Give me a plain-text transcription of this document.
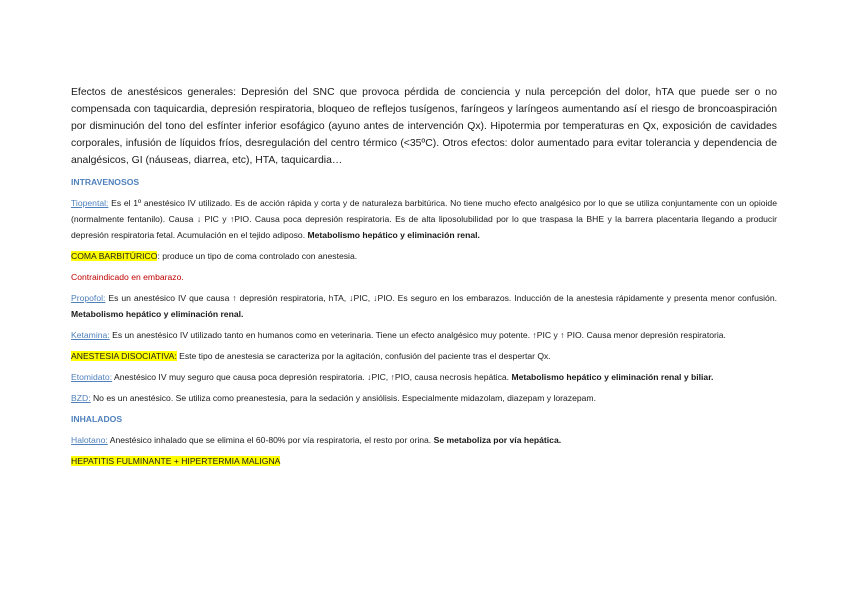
Efectos de anestésicos generales: Depresión del SNC que provoca pérdida de conciencia y nula percepción del dolor, hTA que puede ser o no compensada con taquicardia, depresión respiratoria, bloqueo de reflejos tusígenos, faríngeos y laríngeos aumentando así el riesgo de broncoaspiración por disminución del tono del esfínter inferior esofágico (ayuno antes de intervención Qx). Hipotermia por temperaturas en Qx, exposición de cavidades corporales, infusión de líquidos fríos, desregulación del centro térmico (<35ºC). Otros efectos: dolor aumentado para evitar tolerancia y dependencia de analgésicos, GI (náuseas, diarrea, etc), HTA, taquicardia…

INTRAVENOSOS

Tiopental: Es el 1º anestésico IV utilizado. Es de acción rápida y corta y de naturaleza barbitúrica. No tiene mucho efecto analgésico por lo que se utiliza conjuntamente con un opioide (normalmente fentanilo). Causa ↓ PIC y ↑PIO. Causa poca depresión respiratoria. Es de alta liposolubilidad por lo que traspasa la BHE y la barrera placentaria llegando a producir depresión respiratoria fetal. Acumulación en el tejido adiposo. Metabolismo hepático y eliminación renal.

COMA BARBITÚRICO: produce un tipo de coma controlado con anestesia.

Contraindicado en embarazo.

Propofol: Es un anestésico IV que causa ↑ depresión respiratoria, hTA, ↓PIC, ↓PIO. Es seguro en los embarazos. Inducción de la anestesia rápidamente y presenta menor confusión. Metabolismo hepático y eliminación renal.

Ketamina: Es un anestésico IV utilizado tanto en humanos como en veterinaria. Tiene un efecto analgésico muy potente. ↑PIC y ↑ PIO. Causa menor depresión respiratoria.

ANESTESIA DISOCIATIVA: Este tipo de anestesia se caracteriza por la agitación, confusión del paciente tras el despertar Qx.

Etomidato: Anestésico IV muy seguro que causa poca depresión respiratoria. ↓PIC, ↑PIO, causa necrosis hepática. Metabolismo hepático y eliminación renal y biliar.

BZD: No es un anestésico. Se utiliza como preanestesia, para la sedación y ansiólisis. Especialmente midazolam, diazepam y lorazepam.

INHALADOS

Halotano: Anestésico inhalado que se elimina el 60-80% por vía respiratoria, el resto por orina. Se metaboliza por vía hepática.

HEPATITIS FULMINANTE + HIPERTERMIA MALIGNA
